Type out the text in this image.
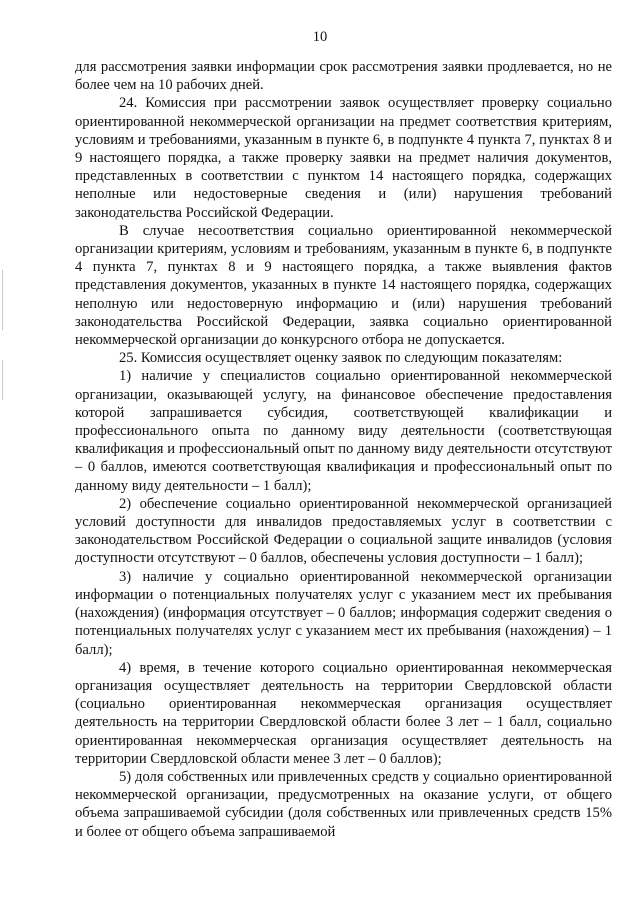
10

для рассмотрения заявки информации срок рассмотрения заявки продлевается, но не более чем на 10 рабочих дней.

24. Комиссия при рассмотрении заявок осуществляет проверку социально ориентированной некоммерческой организации на предмет соответствия критериям, условиям и требованиями, указанным в пункте 6, в подпункте 4 пункта 7, пунктах 8 и 9 настоящего порядка, а также проверку заявки на предмет наличия документов, представленных в соответствии с пунктом 14 настоящего порядка, содержащих неполные или недостоверные сведения и (или) нарушения требований законодательства Российской Федерации.

В случае несоответствия социально ориентированной некоммерческой организации критериям, условиям и требованиям, указанным в пункте 6, в подпункте 4 пункта 7, пунктах 8 и 9 настоящего порядка, а также выявления фактов представления документов, указанных в пункте 14 настоящего порядка, содержащих неполную или недостоверную информацию и (или) нарушения требований законодательства Российской Федерации, заявка социально ориентированной некоммерческой организации до конкурсного отбора не допускается.

25. Комиссия осуществляет оценку заявок по следующим показателям:

1) наличие у специалистов социально ориентированной некоммерческой организации, оказывающей услугу, на финансовое обеспечение предоставления которой запрашивается субсидия, соответствующей квалификации и профессионального опыта по данному виду деятельности (соответствующая квалификация и профессиональный опыт по данному виду деятельности отсутствуют – 0 баллов, имеются соответствующая квалификация и профессиональный опыт по данному виду деятельности – 1 балл);

2) обеспечение социально ориентированной некоммерческой организацией условий доступности для инвалидов предоставляемых услуг в соответствии с законодательством Российской Федерации о социальной защите инвалидов (условия доступности отсутствуют – 0 баллов, обеспечены условия доступности – 1 балл);

3) наличие у социально ориентированной некоммерческой организации информации о потенциальных получателях услуг с указанием мест их пребывания (нахождения) (информация отсутствует – 0 баллов; информация содержит сведения о потенциальных получателях услуг с указанием мест их пребывания (нахождения) – 1 балл);

4) время, в течение которого социально ориентированная некоммерческая организация осуществляет деятельность на территории Свердловской области (социально ориентированная некоммерческая организация осуществляет деятельность на территории Свердловской области более 3 лет – 1 балл, социально ориентированная некоммерческая организация осуществляет деятельность на территории Свердловской области менее 3 лет – 0 баллов);

5) доля собственных или привлеченных средств у социально ориентированной некоммерческой организации, предусмотренных на оказание услуги, от общего объема запрашиваемой субсидии (доля собственных или привлеченных средств 15% и более от общего объема запрашиваемой
